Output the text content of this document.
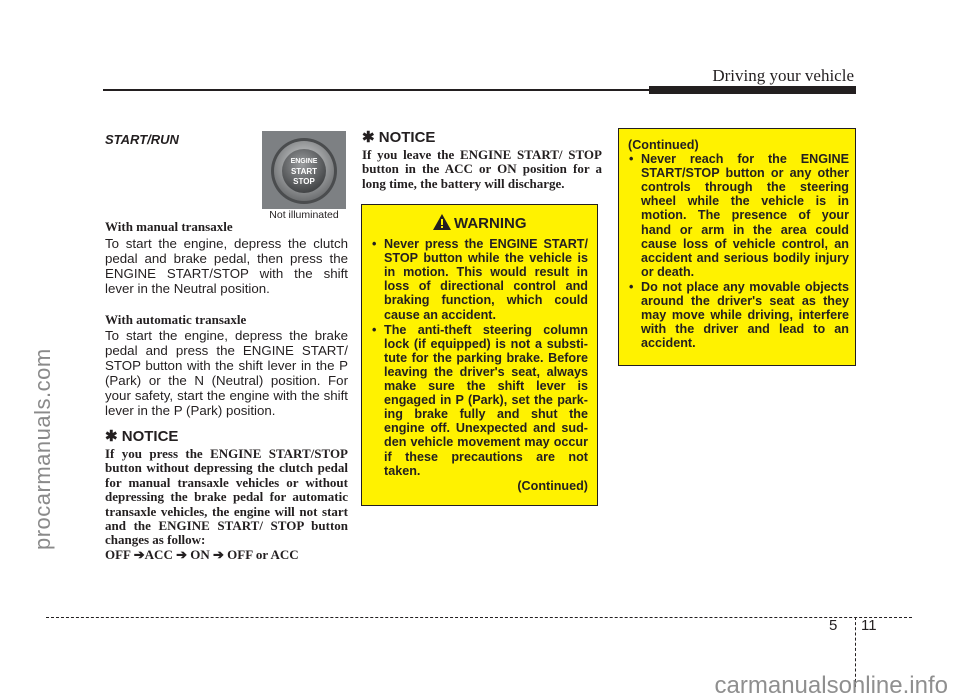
Driving your vehicle
procarmanuals.com
START/RUN
ENGINE
START
STOP
Not illuminated
With manual transaxle
To start the engine, depress the clutch pedal and brake pedal, then press the ENGINE START/STOP with the shift lever in the Neutral position.
With automatic transaxle
To start the engine, depress the brake pedal and press the ENGINE START/ STOP button with the shift lever in the P (Park) or the N (Neutral) position. For your safety, start the engine with the shift lever in the P (Park) position.
✱ NOTICE
If you press the ENGINE START/STOP button without depressing the clutch pedal for manual transaxle vehicles or without depressing the brake pedal for automatic transaxle vehicles, the engine will not start and the ENGINE START/ STOP button changes as follow:
OFF ➔ACC ➔ ON ➔ OFF or ACC
✱ NOTICE
If you leave the ENGINE START/ STOP button in the ACC or ON position for a long time, the battery will discharge.
WARNING
• Never press the ENGINE START/ STOP button while the vehicle is in motion. This would result in loss of directional control and braking function, which could cause an accident.
• The anti-theft steering column lock (if equipped) is not a substi- tute for the parking brake. Before leaving the driver's seat, always make sure the shift lever is engaged in P (Park), set the park- ing brake fully and shut the engine off. Unexpected and sud- den vehicle movement may occur if these precautions are not taken.
(Continued)
(Continued)
• Never reach for the ENGINE START/STOP button or any other controls through the steering wheel while the vehicle is in motion. The presence of your hand or arm in the area could cause loss of vehicle control, an accident and serious bodily injury or death.
• Do not place any movable objects around the driver's seat as they may move while driving, interfere with the driver and lead to an accident.
5 11
carmanualsonline.info
